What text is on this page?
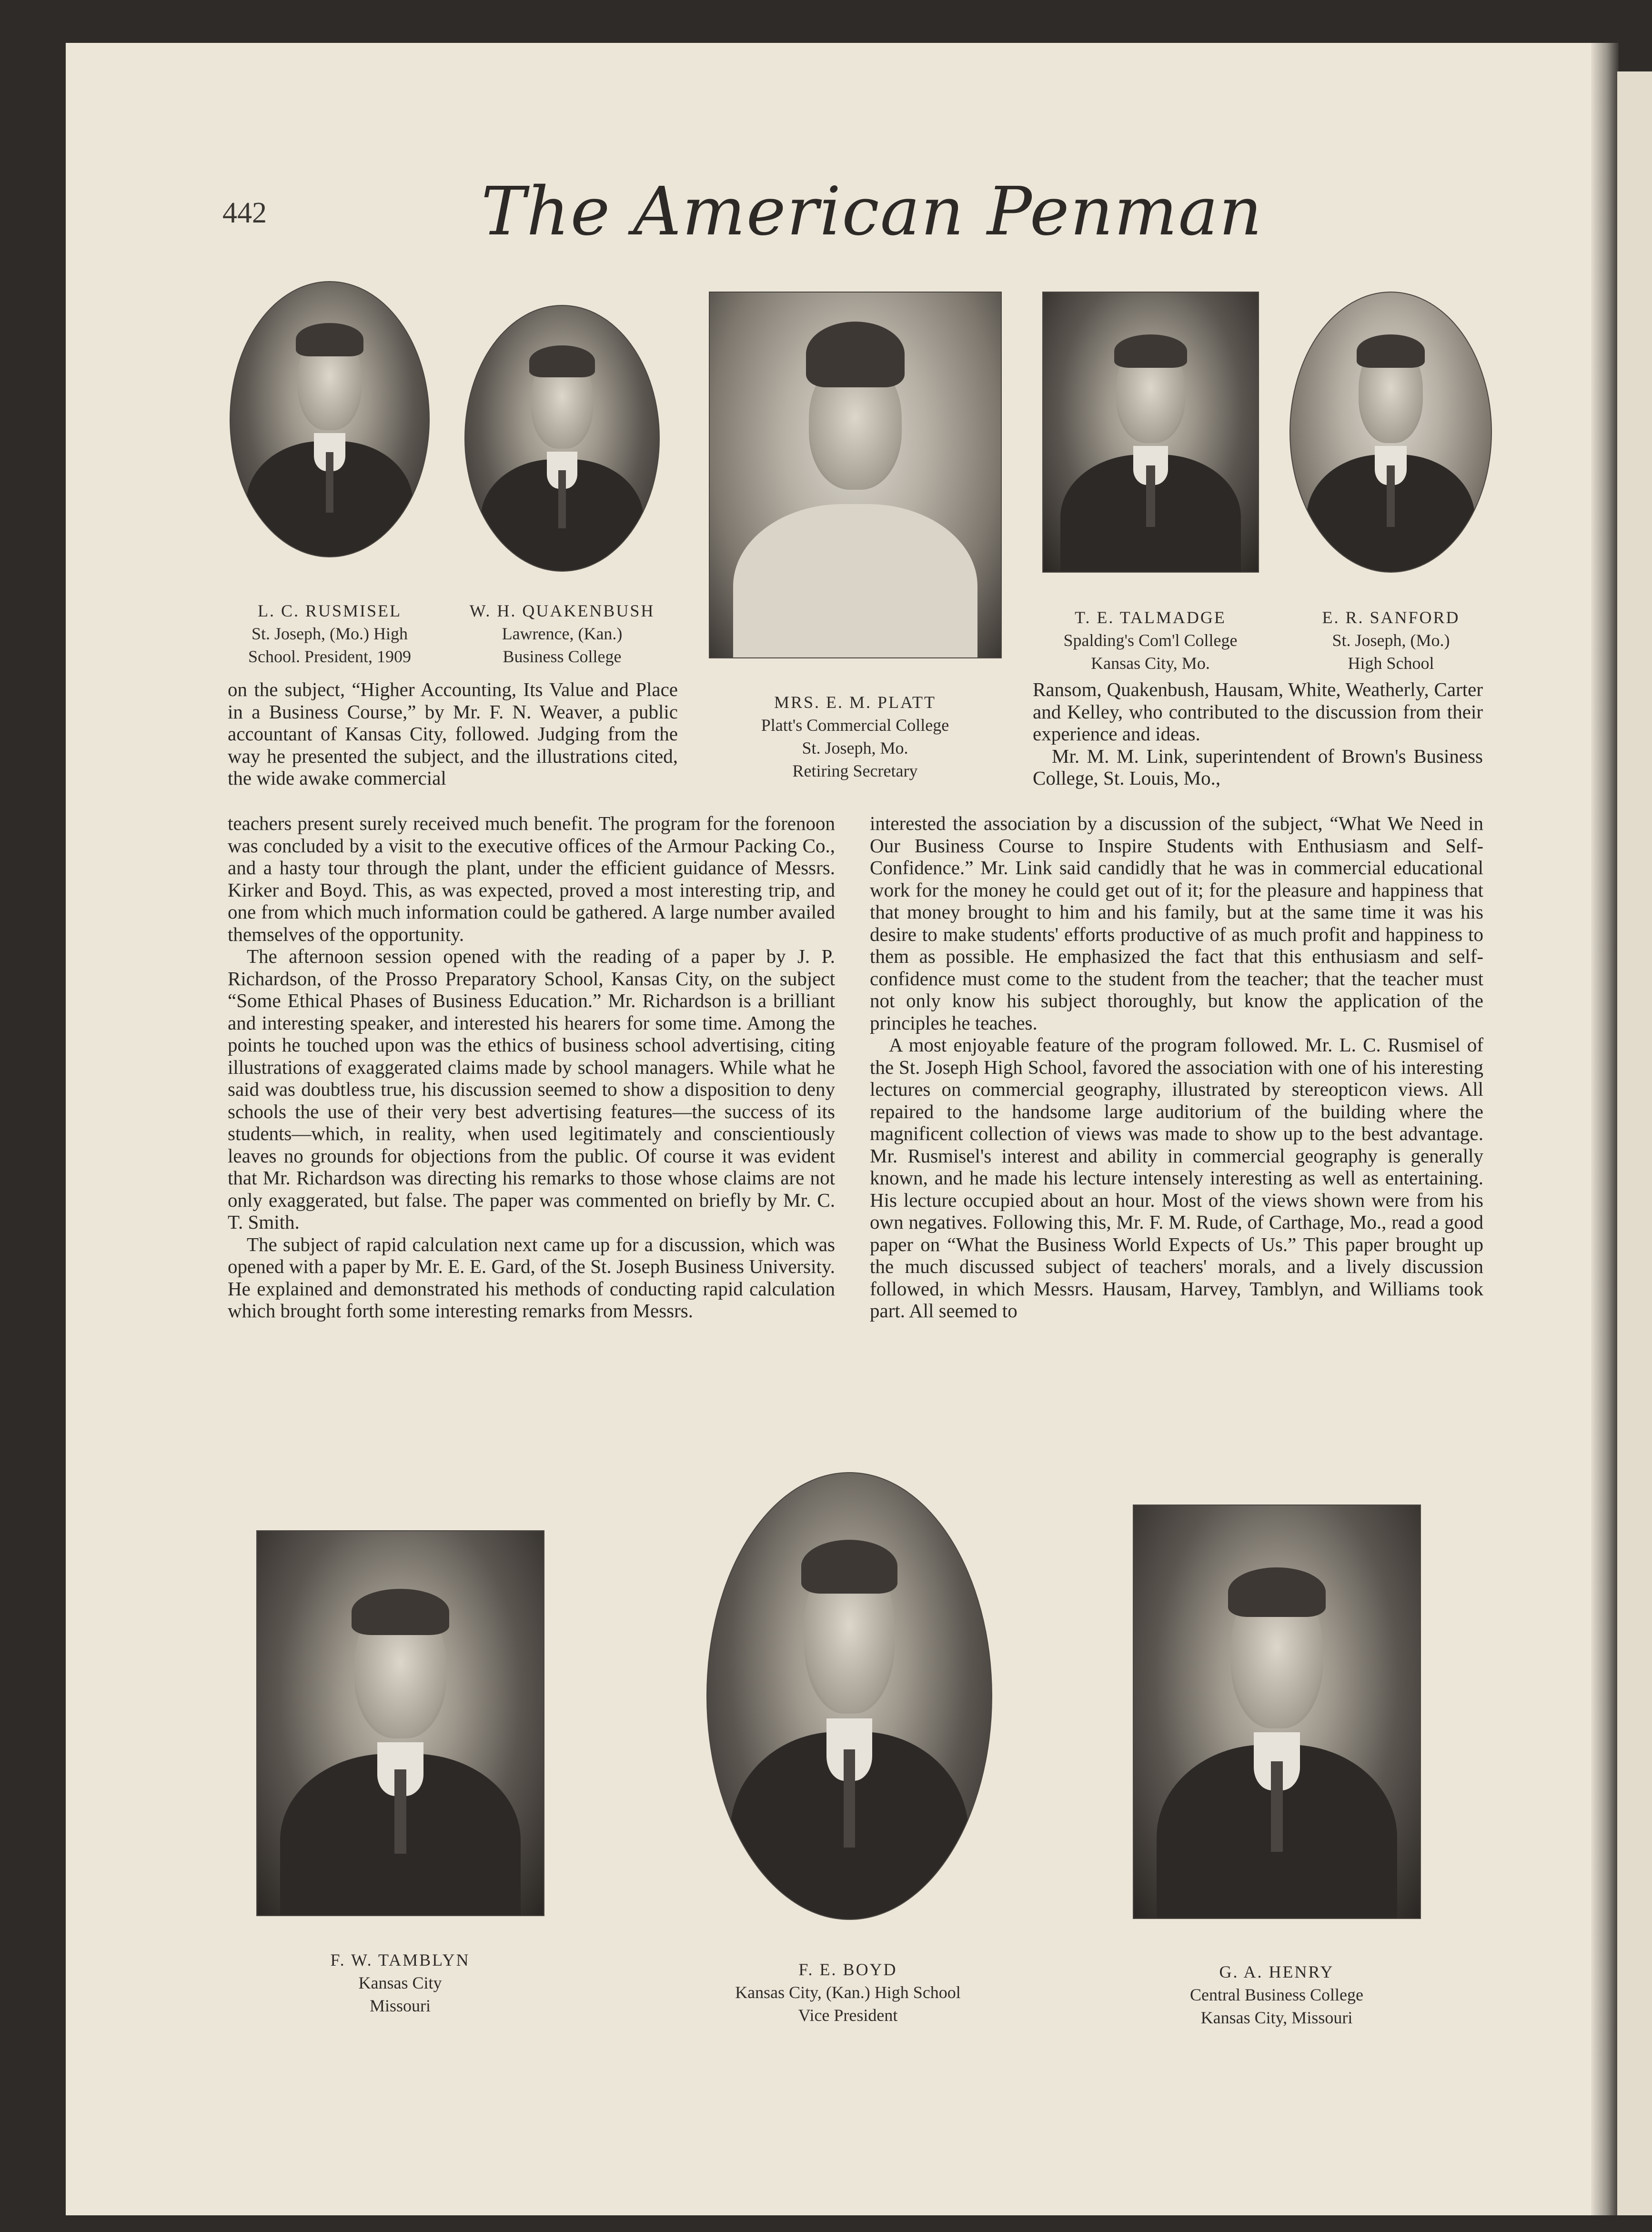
442	The American Penman
L. C. RUSMISEL
St. Joseph, (Mo.) High
School. President, 1909
W. H. QUAKENBUSH
Lawrence, (Kan.)
Business College
MRS. E. M. PLATT
Platt's Commercial College
St. Joseph, Mo.
Retiring Secretary
T. E. TALMADGE
Spalding's Com'l College
Kansas City, Mo.
E. R. SANFORD
St. Joseph, (Mo.)
High School

on the subject, “Higher Accounting, Its Value and Place in a Business Course,” by Mr. F. N. Weaver, a public accountant of Kansas City, followed. Judging from the way he presented the subject, and the illustrations cited, the wide awake commercial

teachers present surely received much benefit. The program for the forenoon was concluded by a visit to the executive offices of the Armour Packing Co., and a hasty tour through the plant, under the efficient guidance of Messrs. Kirker and Boyd. This, as was expected, proved a most interesting trip, and one from which much information could be gathered. A large number availed themselves of the opportunity.

The afternoon session opened with the reading of a paper by J. P. Richardson, of the Prosso Preparatory School, Kansas City, on the subject “Some Ethical Phases of Business Education.” Mr. Richardson is a brilliant and interesting speaker, and interested his hearers for some time. Among the points he touched upon was the ethics of business school advertising, citing illustrations of exaggerated claims made by school managers. While what he said was doubtless true, his discussion seemed to show a disposition to deny schools the use of their very best advertising features—the success of its students—which, in reality, when used legitimately and conscientiously leaves no grounds for objections from the public. Of course it was evident that Mr. Richardson was directing his remarks to those whose claims are not only exaggerated, but false. The paper was commented on briefly by Mr. C. T. Smith.

The subject of rapid calculation next came up for a discussion, which was opened with a paper by Mr. E. E. Gard, of the St. Joseph Business University. He explained and demonstrated his methods of conducting rapid calculation which brought forth some interesting remarks from Messrs.

Ransom, Quakenbush, Hausam, White, Weatherly, Carter and Kelley, who contributed to the discussion from their experience and ideas.

Mr. M. M. Link, superintendent of Brown's Business College, St. Louis, Mo.,

interested the association by a discussion of the subject, “What We Need in Our Business Course to Inspire Students with Enthusiasm and Self-Confidence.” Mr. Link said candidly that he was in commercial educational work for the money he could get out of it; for the pleasure and happiness that that money brought to him and his family, but at the same time it was his desire to make students' efforts productive of as much profit and happiness to them as possible. He emphasized the fact that this enthusiasm and self-confidence must come to the student from the teacher; that the teacher must not only know his subject thoroughly, but know the application of the principles he teaches.

A most enjoyable feature of the program followed. Mr. L. C. Rusmisel of the St. Joseph High School, favored the association with one of his interesting lectures on commercial geography, illustrated by stereopticon views. All repaired to the handsome large auditorium of the building where the magnificent collection of views was made to show up to the best advantage. Mr. Rusmisel's interest and ability in commercial geography is generally known, and he made his lecture intensely interesting as well as entertaining. His lecture occupied about an hour. Most of the views shown were from his own negatives. Following this, Mr. F. M. Rude, of Carthage, Mo., read a good paper on “What the Business World Expects of Us.” This paper brought up the much discussed subject of teachers' morals, and a lively discussion followed, in which Messrs. Hausam, Harvey, Tamblyn, and Williams took part. All seemed to

F. W. TAMBLYN
Kansas City
Missouri
F. E. BOYD
Kansas City, (Kan.) High School
Vice President
G. A. HENRY
Central Business College
Kansas City, Missouri
